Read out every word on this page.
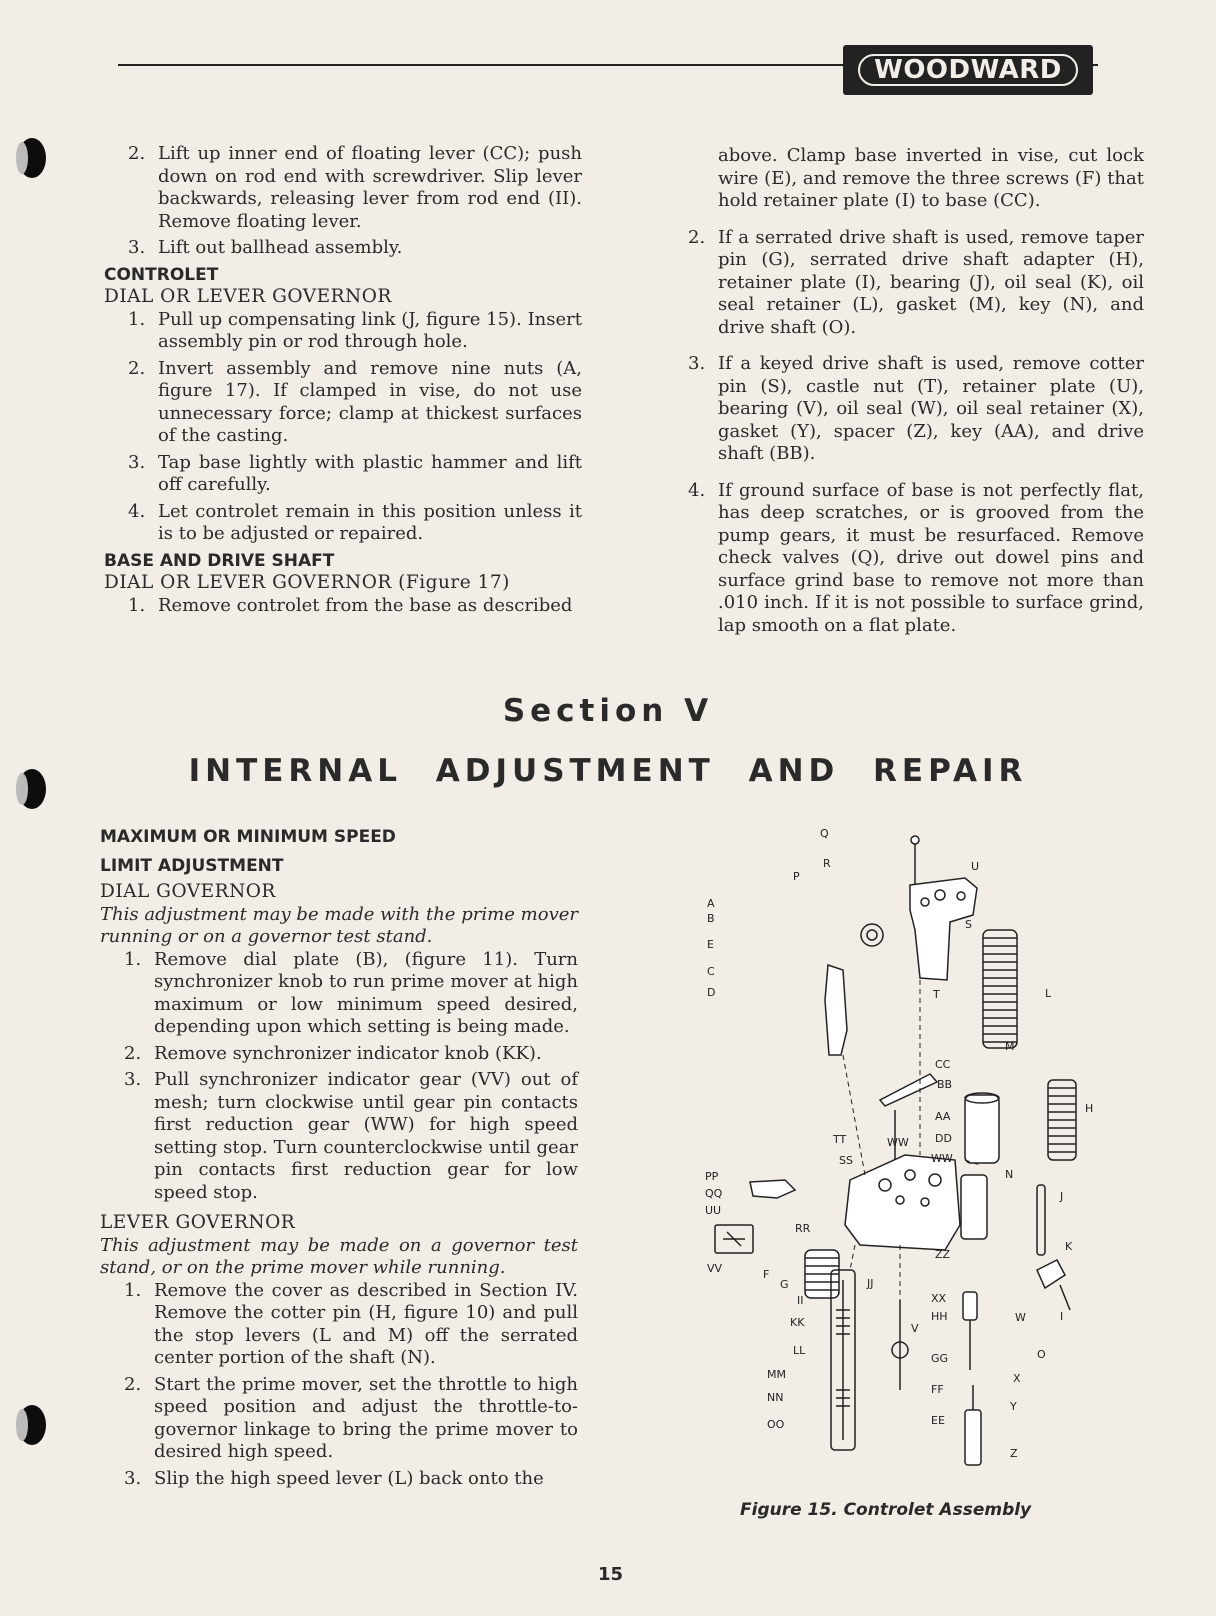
WOODWARD
2. Lift up inner end of floating lever (CC); push down on rod end with screwdriver. Slip lever backwards, releasing lever from rod end (II). Remove floating lever.
3. Lift out ballhead assembly.

CONTROLET

DIAL OR LEVER GOVERNOR

1. Pull up compensating link (J, figure 15). Insert assembly pin or rod through hole.
2. Invert assembly and remove nine nuts (A, figure 17). If clamped in vise, do not use unnecessary force; clamp at thickest surfaces of the casting.
3. Tap base lightly with plastic hammer and lift off carefully.
4. Let controlet remain in this position unless it is to be adjusted or repaired.

BASE AND DRIVE SHAFT

DIAL OR LEVER GOVERNOR (Figure 17)

1. Remove controlet from the base as described

above. Clamp base inverted in vise, cut lock wire (E), and remove the three screws (F) that hold retainer plate (I) to base (CC).

2. If a serrated drive shaft is used, remove taper pin (G), serrated drive shaft adapter (H), retainer plate (I), bearing (J), oil seal (K), oil seal retainer (L), gasket (M), key (N), and drive shaft (O).
3. If a keyed drive shaft is used, remove cotter pin (S), castle nut (T), retainer plate (U), bearing (V), oil seal (W), oil seal retainer (X), gasket (Y), spacer (Z), key (AA), and drive shaft (BB).
4. If ground surface of base is not perfectly flat, has deep scratches, or is grooved from the pump gears, it must be resurfaced. Remove check valves (Q), drive out dowel pins and surface grind base to remove not more than .010 inch. If it is not possible to surface grind, lap smooth on a flat plate.
Section V
INTERNAL ADJUSTMENT AND REPAIR

MAXIMUM OR MINIMUM SPEED

LIMIT ADJUSTMENT

DIAL GOVERNOR

This adjustment may be made with the prime mover running or on a governor test stand.

1. Remove dial plate (B), (figure 11). Turn synchronizer knob to run prime mover at high maximum or low minimum speed desired, depending upon which setting is being made.
2. Remove synchronizer indicator knob (KK).
3. Pull synchronizer indicator gear (VV) out of mesh; turn clockwise until gear pin contacts first reduction gear (WW) for high speed setting stop. Turn counterclockwise until gear pin contacts first reduction gear for low speed stop.

LEVER GOVERNOR

This adjustment may be made on a governor test stand, or on the prime mover while running.

1. Remove the cover as described in Section IV. Remove the cotter pin (H, figure 10) and pull the stop levers (L and M) off the serrated center portion of the shaft (N).
2. Start the prime mover, set the throttle to high speed position and adjust the throttle-to-governor linkage to bring the prime mover to desired high speed.
3. Slip the high speed lever (L) back onto the
Q
R
P
U
A
B
E
S
C
D	T	L
CC
M
BB
AA
H
DD
TT	WW
SS	WW
N
PP
QQ
UU
J
RR
VV
ZZ
K
F
G	JJ
II	XX
HH	W	I
KK	V
GG	O
LL
X
MM
FF
NN
Y
EE
OO
Z
Figure 15. Controlet Assembly
15
